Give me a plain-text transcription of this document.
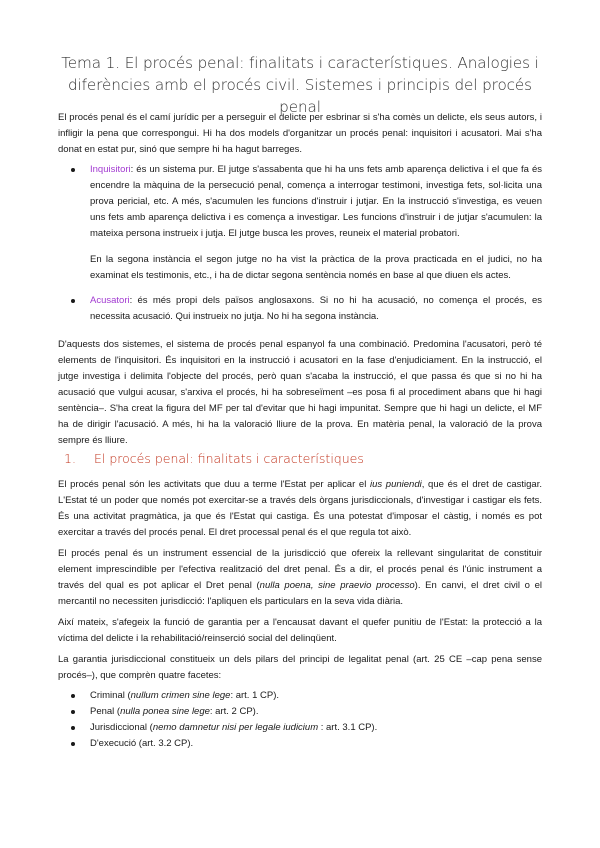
Tema 1. El procés penal: finalitats i característiques. Analogies i diferències amb el procés civil. Sistemes i principis del procés penal

El procés penal és el camí jurídic per a perseguir el delicte per esbrinar si s'ha comès un delicte, els seus autors, i infligir la pena que correspongui. Hi ha dos models d'organitzar un procés penal: inquisitori i acusatori. Mai s'ha donat en estat pur, sinó que sempre hi ha hagut barreges.

Inquisitori: és un sistema pur. El jutge s'assabenta que hi ha uns fets amb aparença delictiva i el que fa és encendre la màquina de la persecució penal, comença a interrogar testimoni, investiga fets, sol·licita una prova pericial, etc. A més, s'acumulen les funcions d'instruir i jutjar. En la instrucció s'investiga, es veuen uns fets amb aparença delictiva i es comença a investigar. Les funcions d'instruir i de jutjar s'acumulen: la mateixa persona instrueix i jutja. El jutge busca les proves, reuneix el material probatori.
En la segona instància el segon jutge no ha vist la pràctica de la prova practicada en el judici, no ha examinat els testimonis, etc., i ha de dictar segona sentència només en base al que diuen els actes.
Acusatori: és més propi dels països anglosaxons. Si no hi ha acusació, no comença el procés, es necessita acusació. Qui instrueix no jutja. No hi ha segona instància.

D'aquests dos sistemes, el sistema de procés penal espanyol fa una combinació. Predomina l'acusatori, però té elements de l'inquisitori. És inquisitori en la instrucció i acusatori en la fase d'enjudiciament. En la instrucció, el jutge investiga i delimita l'objecte del procés, però quan s'acaba la instrucció, el que passa és que si no hi ha acusació que vulgui acusar, s'arxiva el procés, hi ha sobreseïment –es posa fi al procediment abans que hi hagi sentència–. S'ha creat la figura del MF per tal d'evitar que hi hagi impunitat. Sempre que hi hagi un delicte, el MF ha de dirigir l'acusació. A més, hi ha la valoració lliure de la prova. En matèria penal, la valoració de la prova sempre és lliure.

1. El procés penal: finalitats i característiques

El procés penal són les activitats que duu a terme l'Estat per aplicar el ius puniendi, que és el dret de castigar. L'Estat té un poder que només pot exercitar-se a través dels òrgans jurisdiccionals, d'investigar i castigar els fets. És una activitat pragmàtica, ja que és l'Estat qui castiga. És una potestat d'imposar el càstig, i només es pot exercitar a través del procés penal. El dret processal penal és el que regula tot això.

El procés penal és un instrument essencial de la jurisdicció que ofereix la rellevant singularitat de constituir element imprescindible per l'efectiva realització del dret penal. És a dir, el procés penal és l'únic instrument a través del qual es pot aplicar el Dret penal (nulla poena, sine praevio processo). En canvi, el dret civil o el mercantil no necessiten jurisdicció: l'apliquen els particulars en la seva vida diària.

Així mateix, s'afegeix la funció de garantia per a l'encausat davant el quefer punitiu de l'Estat: la protecció a la víctima del delicte i la rehabilitació/reinserció social del delinqüent.

La garantia jurisdiccional constitueix un dels pilars del principi de legalitat penal (art. 25 CE –cap pena sense procés–), que comprèn quatre facetes:

Criminal (nullum crimen sine lege: art. 1 CP).
Penal (nulla ponea sine lege: art. 2 CP).
Jurisdiccional (nemo damnetur nisi per legale iudicium : art. 3.1 CP).
D'execució (art. 3.2 CP).
